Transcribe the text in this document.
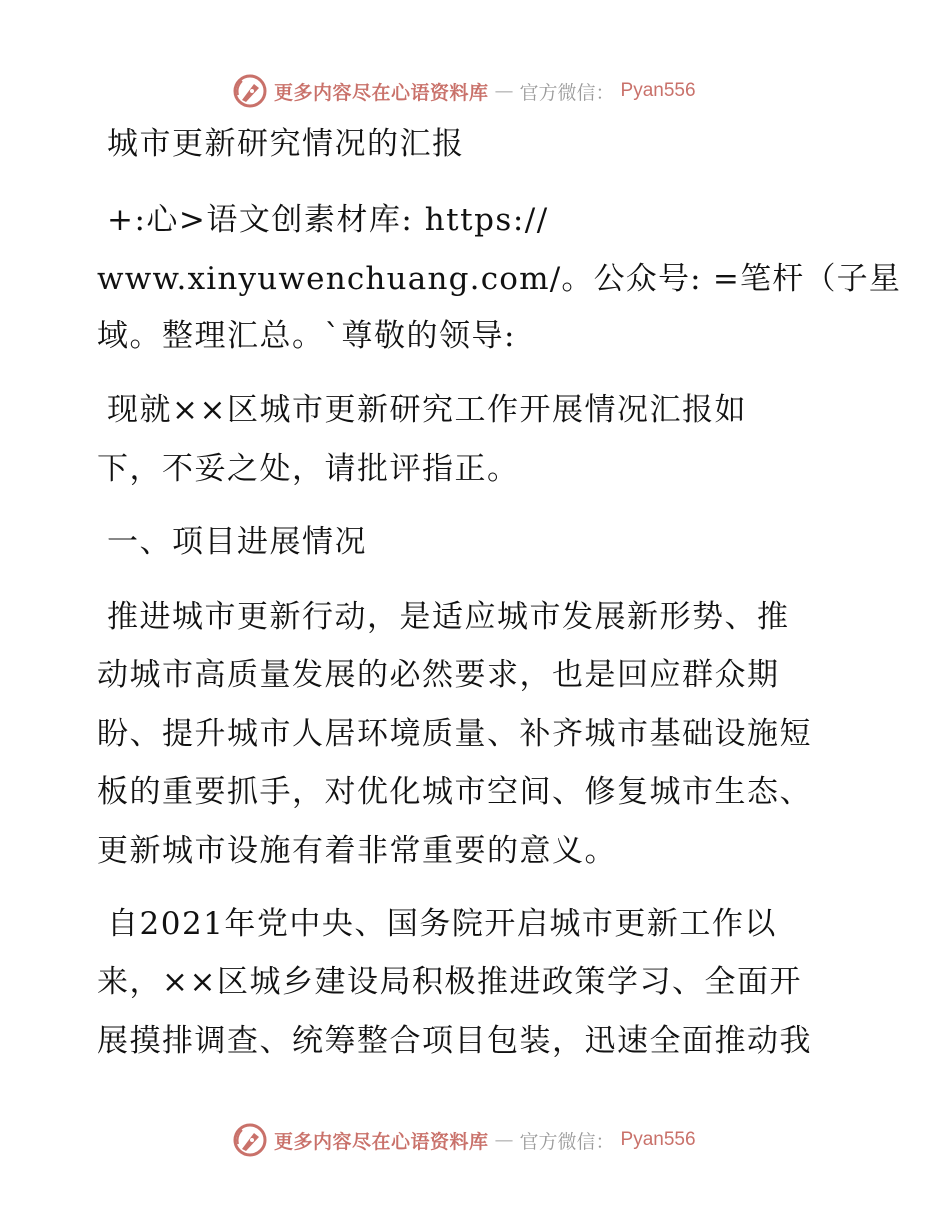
更多内容尽在心语资料库 — 官方微信： Pyan556
城市更新研究情况的汇报
+:心>语文创素材库: https://
www.xinyuwenchuang.com/。公众号: =笔杆（子星
域。整理汇总。`尊敬的领导:
现就××区城市更新研究工作开展情况汇报如
下，不妥之处，请批评指正。
一、项目进展情况
推进城市更新行动，是适应城市发展新形势、推
动城市高质量发展的必然要求，也是回应群众期
盼、提升城市人居环境质量、补齐城市基础设施短
板的重要抓手，对优化城市空间、修复城市生态、
更新城市设施有着非常重要的意义。
自2021年党中央、国务院开启城市更新工作以
来，××区城乡建设局积极推进政策学习、全面开
展摸排调查、统筹整合项目包装，迅速全面推动我
更多内容尽在心语资料库 — 官方微信： Pyan556
